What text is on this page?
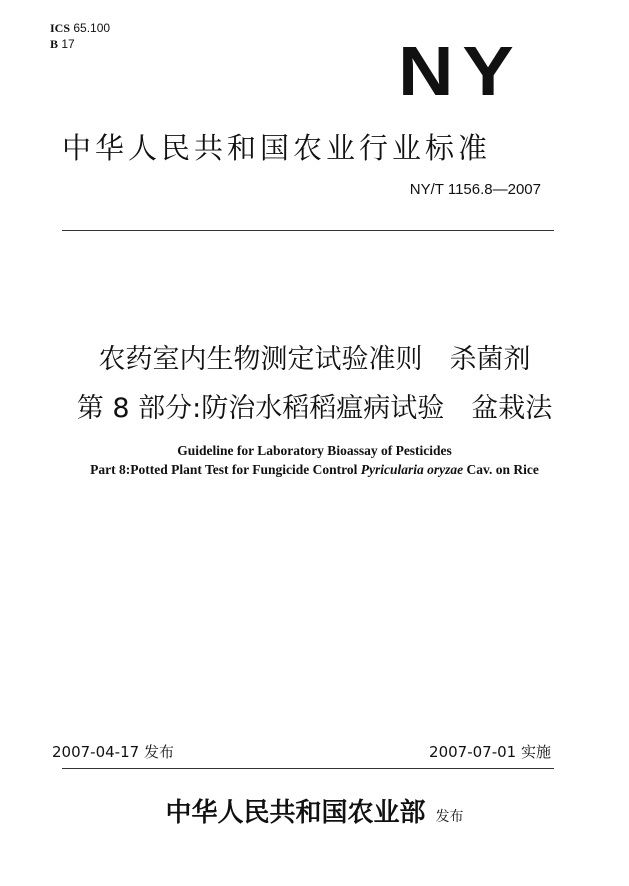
ICS 65.100
B 17	NY
中华人民共和国农业行业标准
NY/T 1156.8—2007
农药室内生物测定试验准则　杀菌剂
第 8 部分:防治水稻稻瘟病试验　盆栽法
Guideline for Laboratory Bioassay of Pesticides
Part 8:Potted Plant Test for Fungicide Control Pyricularia oryzae Cav. on Rice
2007-04-17 发布	2007-07-01 实施
中华人民共和国农业部 发布
